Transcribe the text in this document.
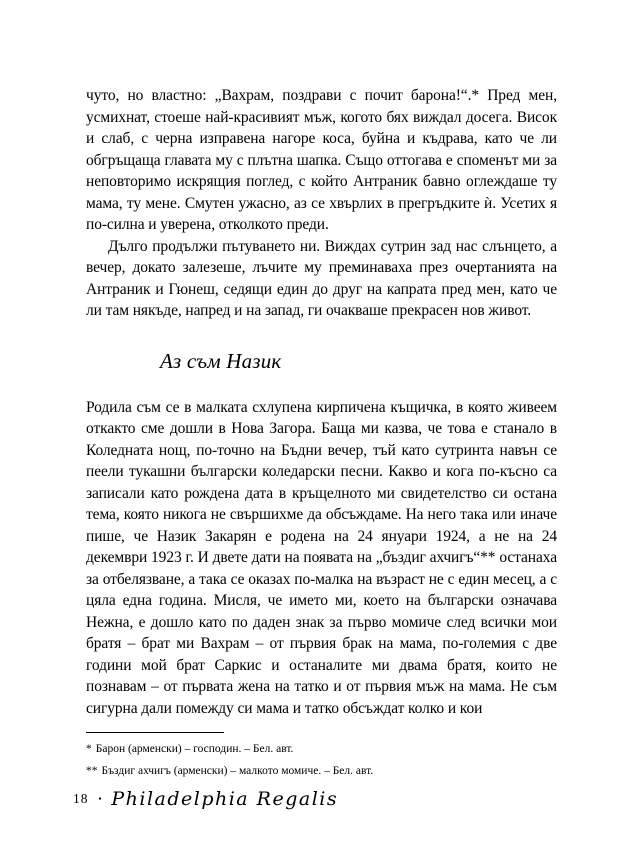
чуто, но властно: „Вахрам, поздрави с почит барона!“.* Пред мен, усмихнат, стоеше най-красивият мъж, когото бях виждал досега. Висок и слаб, с черна изправена нагоре коса, буйна и къдрава, като че ли обгръщаща главата му с плътна шапка. Също оттогава е споменът ми за неповторимо искрящия поглед, с който Антраник бавно оглеждаше ту мама, ту мене. Смутен ужасно, аз се хвърлих в прегръдките ѝ. Усетих я по-силна и уверена, отколкото преди.

Дълго продължи пътуването ни. Виждах сутрин зад нас слънцето, а вечер, докато залезеше, лъчите му преминаваха през очертанията на Антраник и Гюнеш, седящи един до друг на капрата пред мен, като че ли там някъде, напред и на запад, ги очакваше прекрасен нов живот.

Аз съм Назик

Родила съм се в малката схлупена кирпичена къщичка, в която живеем откакто сме дошли в Нова Загора. Баща ми казва, че това е станало в Коледната нощ, по-точно на Бъдни вечер, тъй като сутринта навън се пеели тукашни български коледарски песни. Какво и кога по-късно са записали като рождена дата в кръщелното ми свидетелство си остана тема, която никога не свършихме да обсъждаме. На него така или иначе пише, че Назик Закарян е родена на 24 януари 1924, а не на 24 декември 1923 г. И двете дати на появата на „бъздиг ахчигъ“** останаха за отбелязване, а така се оказах по-малка на възраст не с един месец, а с цяла една година. Мисля, че името ми, което на български означава Нежна, е дошло като по даден знак за първо момиче след всички мои братя – брат ми Вахрам – от първия брак на мама, по-големия с две години мой брат Саркис и останалите ми двама братя, които не познавам – от първата жена на татко и от първия мъж на мама. Не съм сигурна дали помежду си мама и татко обсъждат колко и кои

* Барон (арменски) – господин. – Бел. авт.

** Бъздиг ахчигъ (арменски) – малкото момиче. – Бел. авт.

18 ▪ Philadelphia Regalis
